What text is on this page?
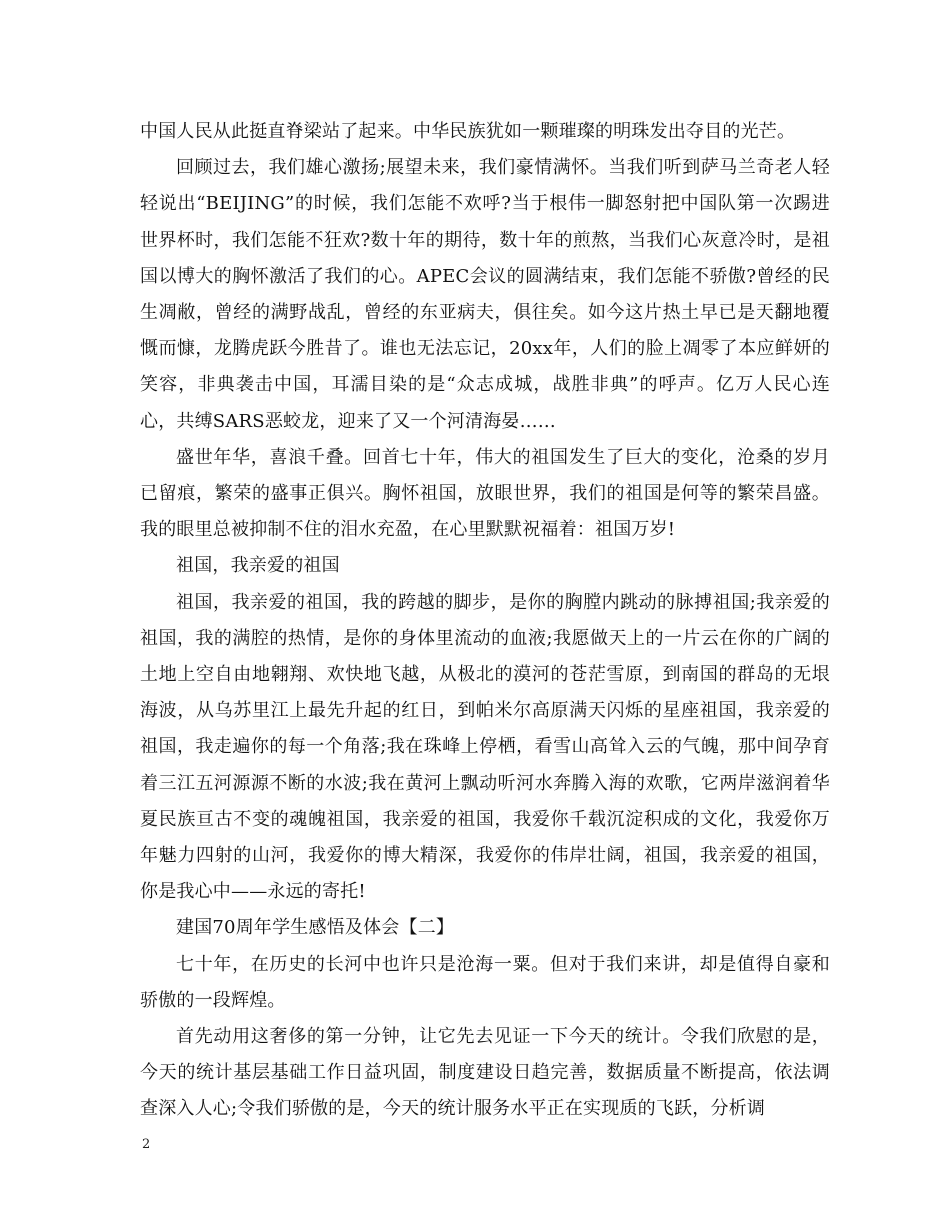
中国人民从此挺直脊梁站了起来。中华民族犹如一颗璀璨的明珠发出夺目的光芒。

回顾过去，我们雄心激扬;展望未来，我们豪情满怀。当我们听到萨马兰奇老人轻轻说出“BEIJING”的时候，我们怎能不欢呼?当于根伟一脚怒射把中国队第一次踢进世界杯时，我们怎能不狂欢?数十年的期待，数十年的煎熬，当我们心灰意冷时，是祖国以博大的胸怀激活了我们的心。APEC会议的圆满结束，我们怎能不骄傲?曾经的民生凋敝，曾经的满野战乱，曾经的东亚病夫，俱往矣。如今这片热土早已是天翻地覆慨而慷，龙腾虎跃今胜昔了。谁也无法忘记，20xx年，人们的脸上凋零了本应鲜妍的笑容，非典袭击中国，耳濡目染的是“众志成城，战胜非典”的呼声。亿万人民心连心，共缚SARS恶蛟龙，迎来了又一个河清海晏……

盛世年华，喜浪千叠。回首七十年，伟大的祖国发生了巨大的变化，沧桑的岁月已留痕，繁荣的盛事正俱兴。胸怀祖国，放眼世界，我们的祖国是何等的繁荣昌盛。我的眼里总被抑制不住的泪水充盈，在心里默默祝福着：祖国万岁!

祖国，我亲爱的祖国

祖国，我亲爱的祖国，我的跨越的脚步，是你的胸膛内跳动的脉搏祖国;我亲爱的祖国，我的满腔的热情，是你的身体里流动的血液;我愿做天上的一片云在你的广阔的土地上空自由地翱翔、欢快地飞越，从极北的漠河的苍茫雪原，到南国的群岛的无垠海波，从乌苏里江上最先升起的红日，到帕米尔高原满天闪烁的星座祖国，我亲爱的祖国，我走遍你的每一个角落;我在珠峰上停栖，看雪山高耸入云的气魄，那中间孕育着三江五河源源不断的水波;我在黄河上飘动听河水奔腾入海的欢歌，它两岸滋润着华夏民族亘古不变的魂魄祖国，我亲爱的祖国，我爱你千载沉淀积成的文化，我爱你万年魅力四射的山河，我爱你的博大精深，我爱你的伟岸壮阔，祖国，我亲爱的祖国，你是我心中——永远的寄托!

建国70周年学生感悟及体会【二】

七十年，在历史的长河中也许只是沧海一粟。但对于我们来讲，却是值得自豪和骄傲的一段辉煌。

首先动用这奢侈的第一分钟，让它先去见证一下今天的统计。令我们欣慰的是，今天的统计基层基础工作日益巩固，制度建设日趋完善，数据质量不断提高，依法调查深入人心;令我们骄傲的是，今天的统计服务水平正在实现质的飞跃，分析调

2
